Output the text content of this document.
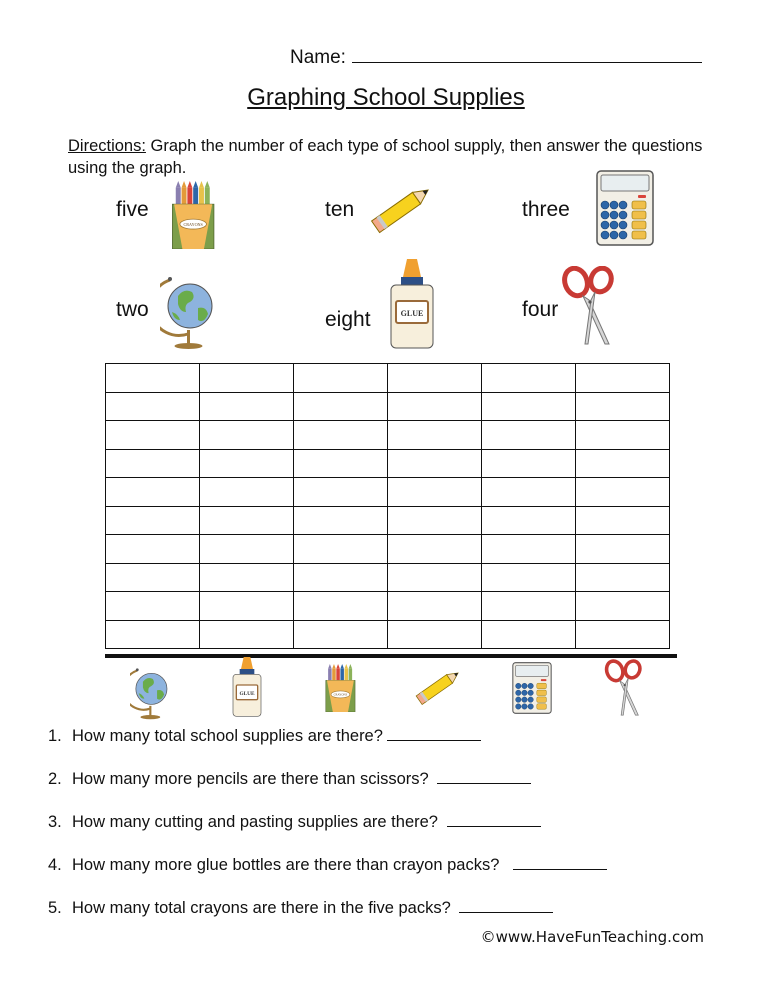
Name:
Graphing School Supplies
Directions: Graph the number of each type of school supply, then answer the questions using the graph.
five	ten	three
two	eight	four

1. How many total school supplies are there?
2. How many more pencils are there than scissors?
3. How many cutting and pasting supplies are there?
4. How many more glue bottles are there than crayon packs?
5. How many total crayons are there in the five packs?
©www.HaveFunTeaching.com
